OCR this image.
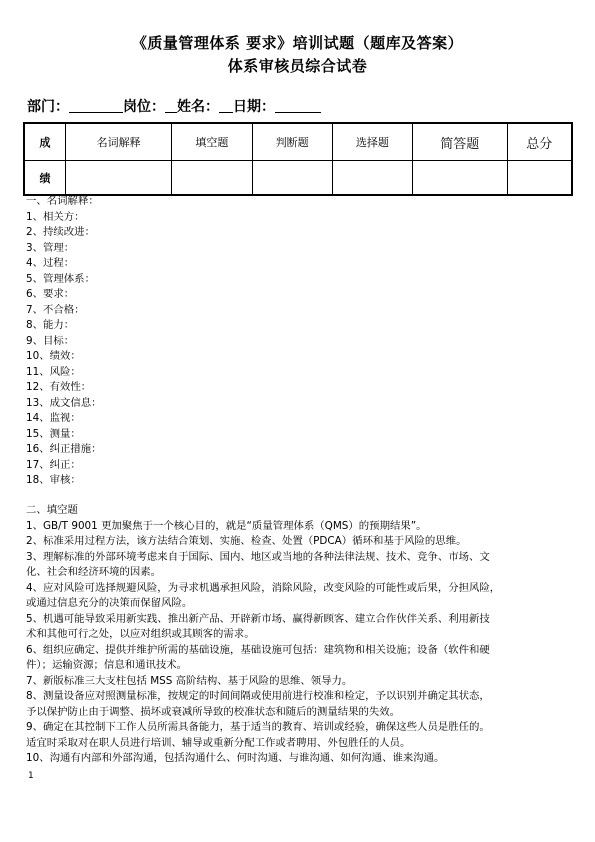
《质量管理体系 要求》培训试题（题库及答案）
体系审核员综合试卷
部门：	岗位： 姓名： 日期：
成	名词解释	填空题	判断题	选择题	简答题	总分
绩						
一、名词解释：
1、相关方：
2、持续改进：
3、管理：
4、过程：
5、管理体系：
6、要求：
7、不合格：
8、能力：
9、目标：
10、绩效：
11、风险：
12、有效性：
13、成文信息：
14、监视：
15、测量：
16、纠正措施：
17、纠正：
18、审核：
二、填空题
1、GB/T 9001 更加聚焦于一个核心目的，就是“质量管理体系（QMS）的预期结果”。
2、标准采用过程方法，该方法结合策划、实施、检查、处置（PDCA）循环和基于风险的思维。
3、理解标准的外部环境考虑来自于国际、国内、地区或当地的各种法律法规、技术、竞争、市场、文
化、社会和经济环境的因素。
4、应对风险可选择规避风险，为寻求机遇承担风险，消除风险，改变风险的可能性或后果，分担风险，
或通过信息充分的决策而保留风险。
5、机遇可能导致采用新实践、推出新产品、开辟新市场、赢得新顾客、建立合作伙伴关系、利用新技
术和其他可行之处，以应对组织或其顾客的需求。
6、组织应确定、提供并维护所需的基础设施，基础设施可包括：建筑物和相关设施；设备（软件和硬
件）；运输资源；信息和通讯技术。
7、新版标准三大支柱包括 MSS 高阶结构、基于风险的思维、领导力。
8、测量设备应对照测量标准，按规定的时间间隔或使用前进行校准和检定，予以识别并确定其状态，
予以保护防止由于调整、损坏或衰减所导致的校准状态和随后的测量结果的失效。
9、确定在其控制下工作人员所需具备能力，基于适当的教育、培训或经验，确保这些人员是胜任的。
适宜时采取对在职人员进行培训、辅导或重新分配工作或者聘用、外包胜任的人员。
10、沟通有内部和外部沟通，包括沟通什么、何时沟通、与谁沟通、如何沟通、谁来沟通。
1
